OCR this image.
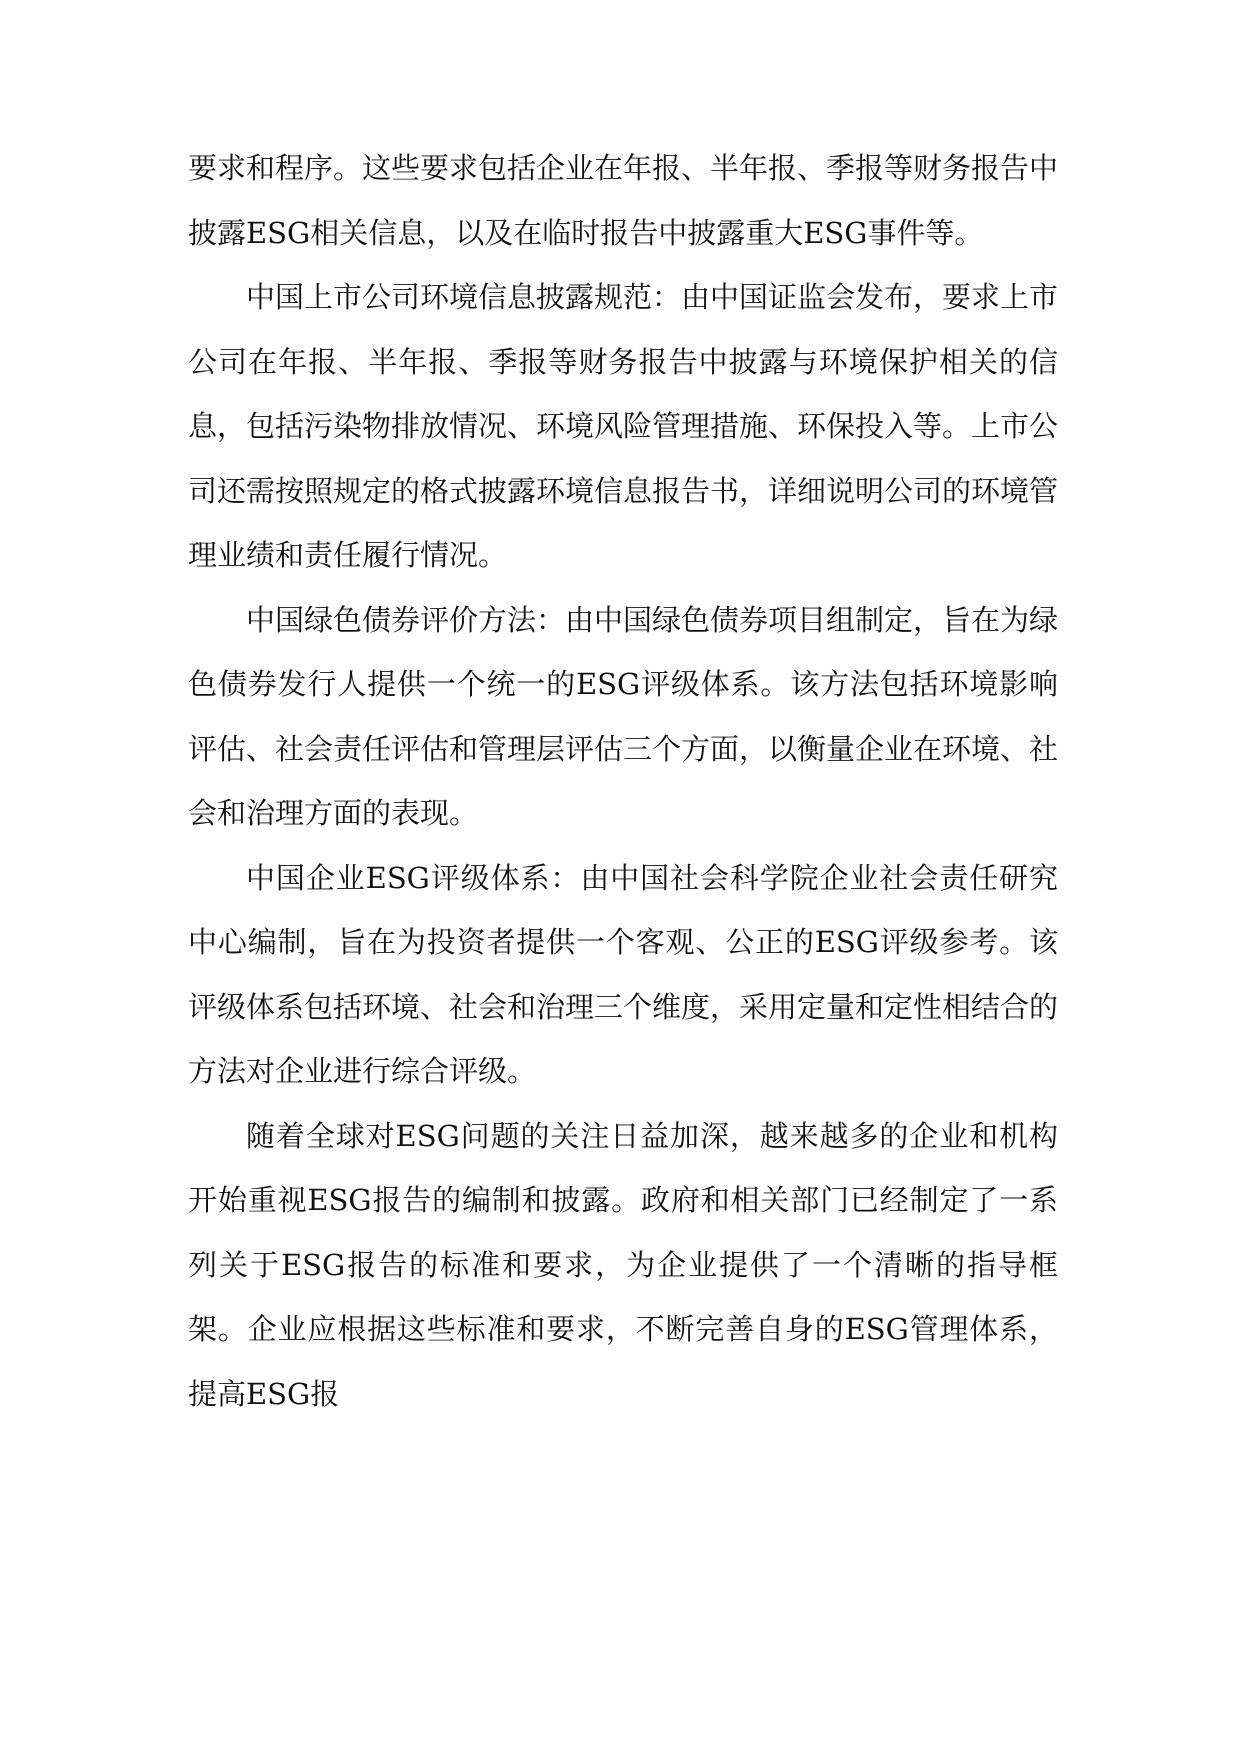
要求和程序。这些要求包括企业在年报、半年报、季报等财务报告中披露ESG相关信息，以及在临时报告中披露重大ESG事件等。

中国上市公司环境信息披露规范：由中国证监会发布，要求上市公司在年报、半年报、季报等财务报告中披露与环境保护相关的信息，包括污染物排放情况、环境风险管理措施、环保投入等。上市公司还需按照规定的格式披露环境信息报告书，详细说明公司的环境管理业绩和责任履行情况。

中国绿色债券评价方法：由中国绿色债券项目组制定，旨在为绿色债券发行人提供一个统一的ESG评级体系。该方法包括环境影响评估、社会责任评估和管理层评估三个方面，以衡量企业在环境、社会和治理方面的表现。

中国企业ESG评级体系：由中国社会科学院企业社会责任研究中心编制，旨在为投资者提供一个客观、公正的ESG评级参考。该评级体系包括环境、社会和治理三个维度，采用定量和定性相结合的方法对企业进行综合评级。

随着全球对ESG问题的关注日益加深，越来越多的企业和机构开始重视ESG报告的编制和披露。政府和相关部门已经制定了一系列关于ESG报告的标准和要求，为企业提供了一个清晰的指导框架。企业应根据这些标准和要求，不断完善自身的ESG管理体系，提高ESG报
